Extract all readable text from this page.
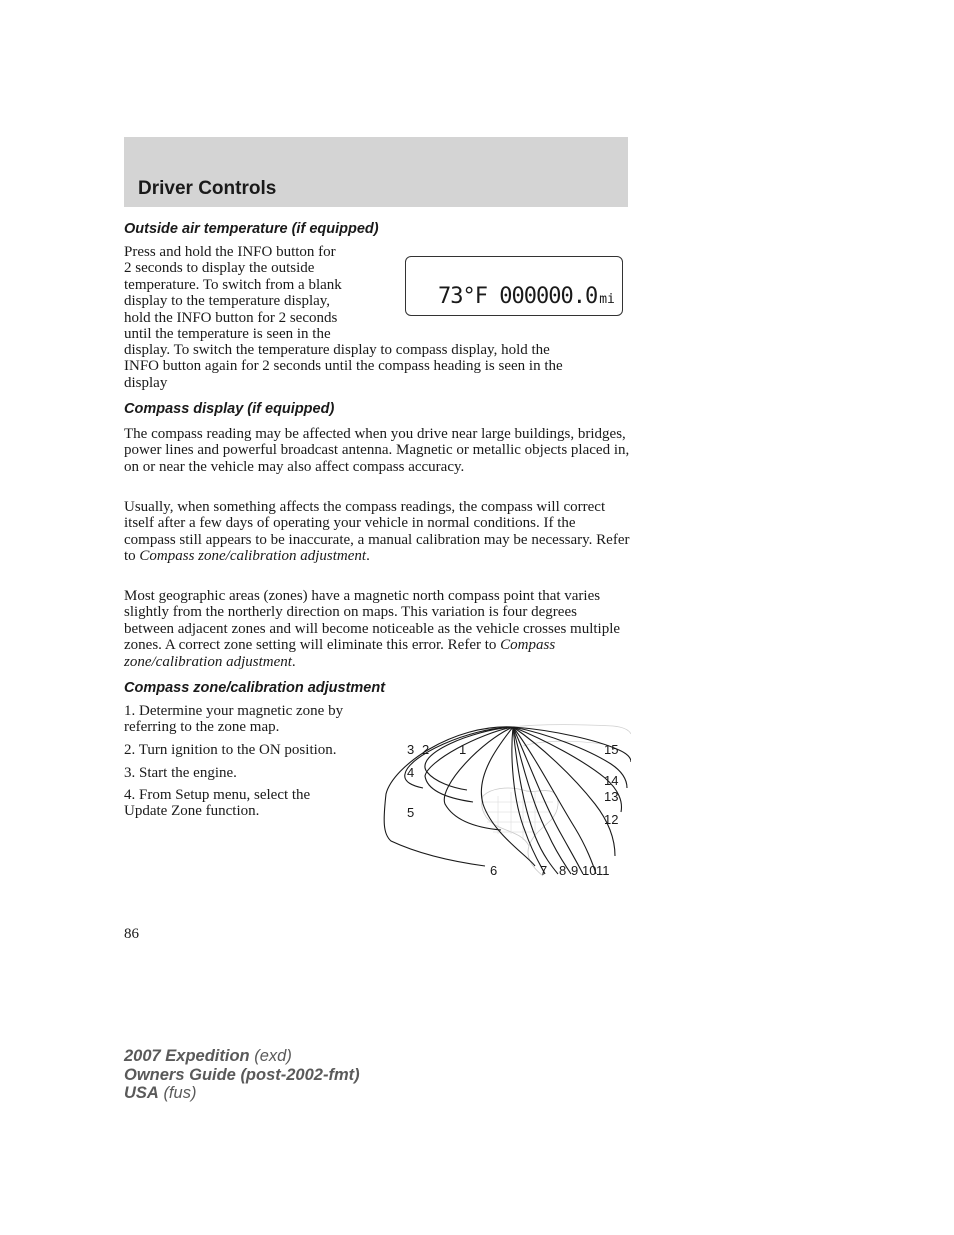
Driver Controls
Outside air temperature (if equipped)

Press and hold the INFO button for
2 seconds to display the outside
temperature. To switch from a blank
display to the temperature display,
hold the INFO button for 2 seconds
until the temperature is seen in the

display. To switch the temperature display to compass display, hold the
INFO button again for 2 seconds until the compass heading is seen in the
display

73°F 000000.0 mi
Compass display (if equipped)

The compass reading may be affected when you drive near large buildings, bridges, power lines and powerful broadcast antenna. Magnetic or metallic objects placed in, on or near the vehicle may also affect compass accuracy.

Usually, when something affects the compass readings, the compass will correct itself after a few days of operating your vehicle in normal conditions. If the compass still appears to be inaccurate, a manual calibration may be necessary. Refer to Compass zone/calibration adjustment.

Most geographic areas (zones) have a magnetic north compass point that varies slightly from the northerly direction on maps. This variation is four degrees between adjacent zones and will become noticeable as the vehicle crosses multiple zones. A correct zone setting will eliminate this error. Refer to Compass zone/calibration adjustment.

Compass zone/calibration adjustment

1. Determine your magnetic zone by
referring to the zone map.

2. Turn ignition to the ON position.

3. Start the engine.

4. From Setup menu, select the
Update Zone function.

1
2
3
4
5
6	7 8 9 10 11
12
13
14
15

86

2007 Expedition (exd)
Owners Guide (post-2002-fmt)
USA (fus)
